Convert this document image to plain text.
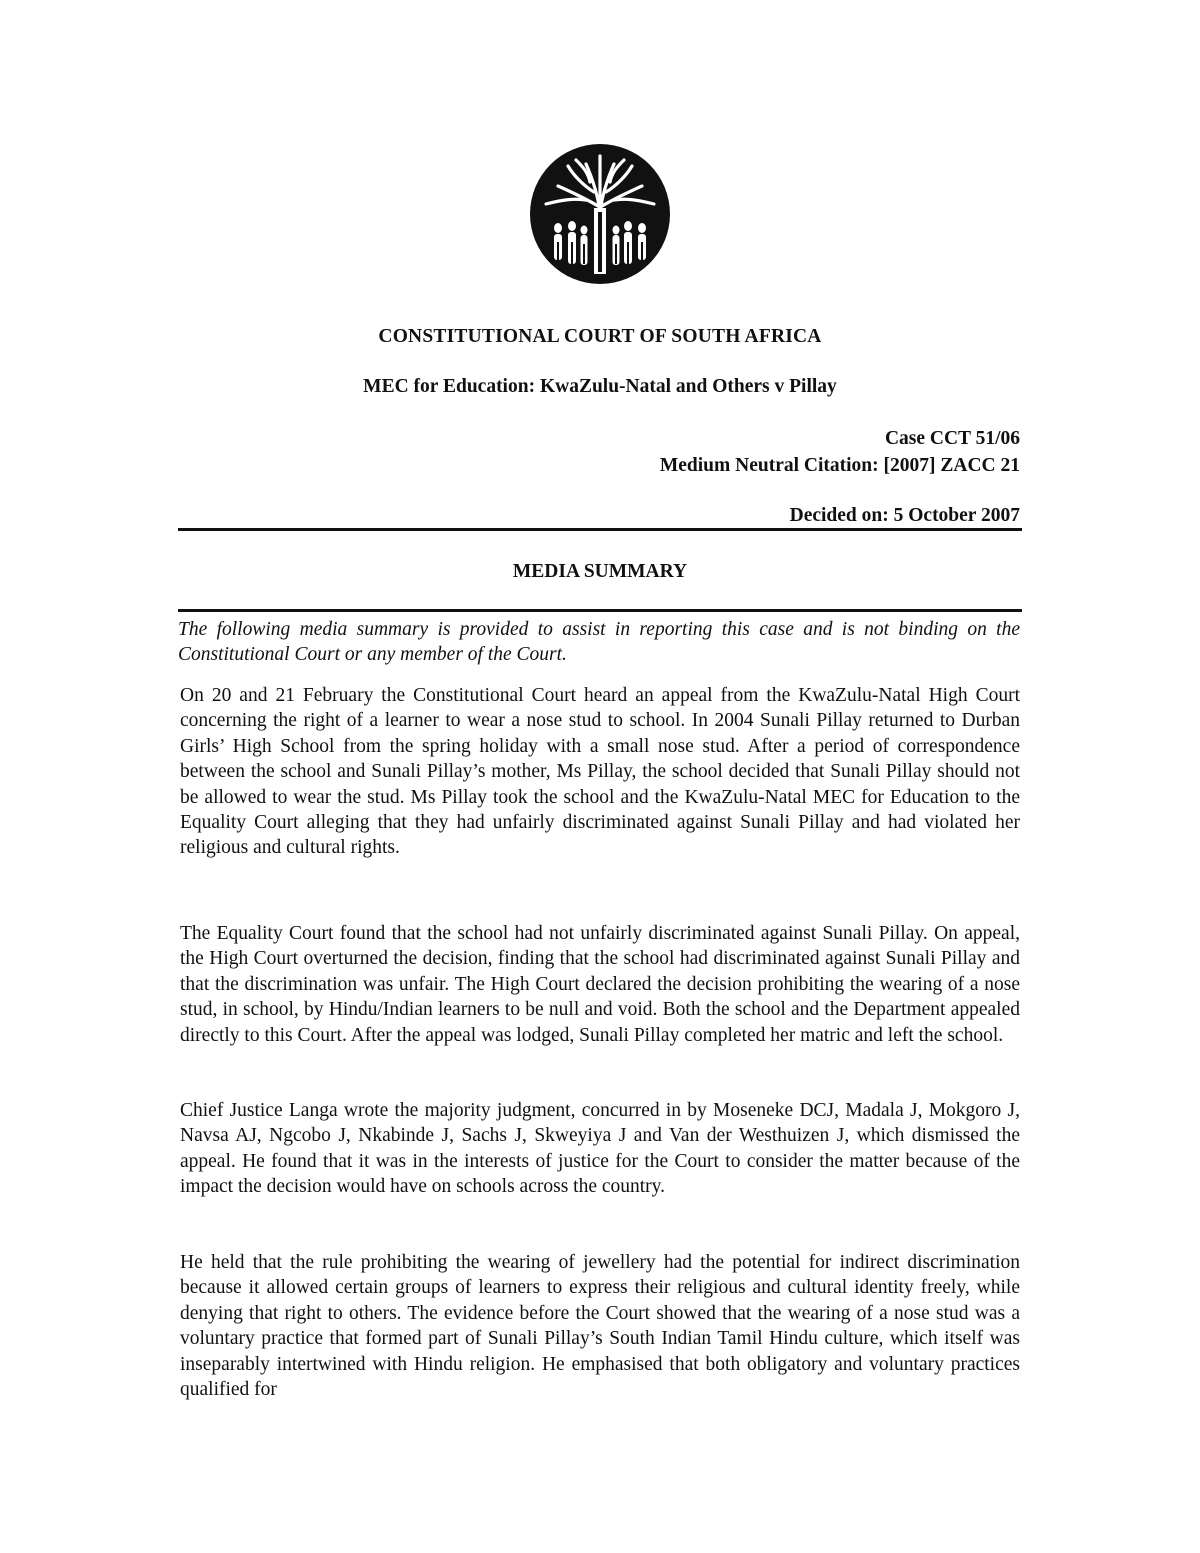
CONSTITUTIONAL COURT OF SOUTH AFRICA
MEC for Education: KwaZulu-Natal and Others v Pillay
Case CCT 51/06
Medium Neutral Citation: [2007] ZACC 21
Decided on: 5 October 2007
MEDIA SUMMARY
The following media summary is provided to assist in reporting this case and is not binding on the Constitutional Court or any member of the Court.
On 20 and 21 February the Constitutional Court heard an appeal from the KwaZulu-Natal High Court concerning the right of a learner to wear a nose stud to school. In 2004 Sunali Pillay returned to Durban Girls’ High School from the spring holiday with a small nose stud. After a period of correspondence between the school and Sunali Pillay’s mother, Ms Pillay, the school decided that Sunali Pillay should not be allowed to wear the stud. Ms Pillay took the school and the KwaZulu-Natal MEC for Education to the Equality Court alleging that they had unfairly discriminated against Sunali Pillay and had violated her religious and cultural rights.
The Equality Court found that the school had not unfairly discriminated against Sunali Pillay. On appeal, the High Court overturned the decision, finding that the school had discriminated against Sunali Pillay and that the discrimination was unfair. The High Court declared the decision prohibiting the wearing of a nose stud, in school, by Hindu/Indian learners to be null and void. Both the school and the Department appealed directly to this Court. After the appeal was lodged, Sunali Pillay completed her matric and left the school.
Chief Justice Langa wrote the majority judgment, concurred in by Moseneke DCJ, Madala J, Mokgoro J, Navsa AJ, Ngcobo J, Nkabinde J, Sachs J, Skweyiya J and Van der Westhuizen J, which dismissed the appeal. He found that it was in the interests of justice for the Court to consider the matter because of the impact the decision would have on schools across the country.
He held that the rule prohibiting the wearing of jewellery had the potential for indirect discrimination because it allowed certain groups of learners to express their religious and cultural identity freely, while denying that right to others. The evidence before the Court showed that the wearing of a nose stud was a voluntary practice that formed part of Sunali Pillay’s South Indian Tamil Hindu culture, which itself was inseparably intertwined with Hindu religion. He emphasised that both obligatory and voluntary practices qualified for
